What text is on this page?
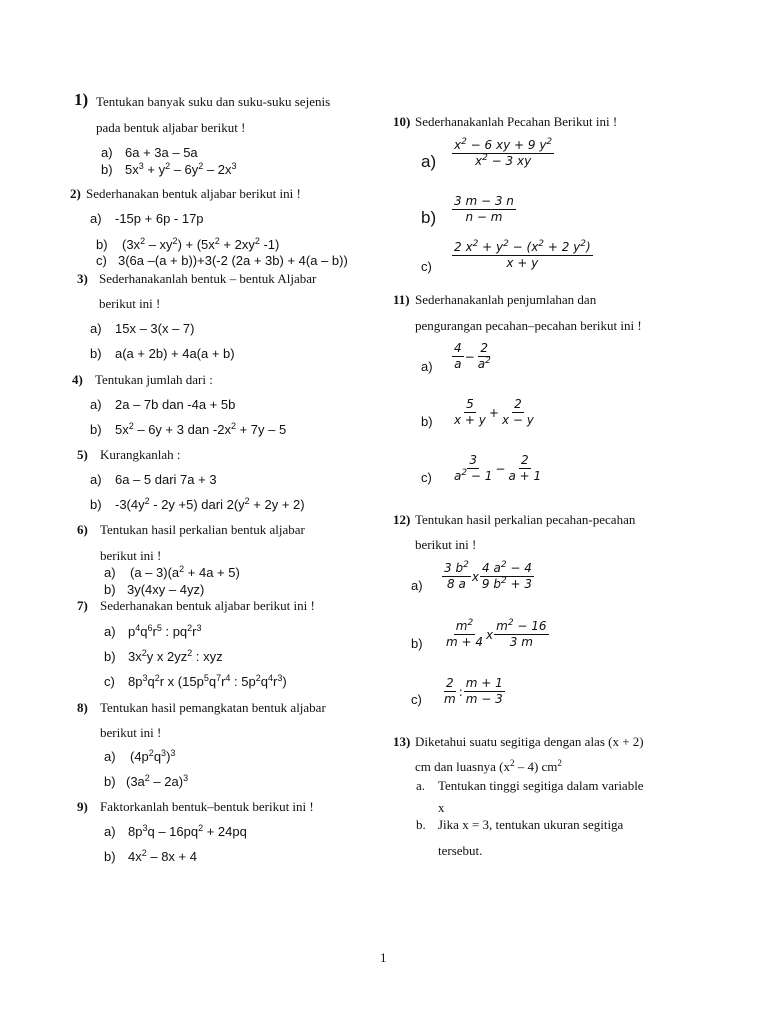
1) Tentukan banyak suku dan suku-suku sejenis
pada bentuk aljabar berikut !
a) 6a + 3a – 5a
b) $5x^3 + y^2 - 6y^2 - 2x^3$
2) Sederhanakan bentuk aljabar berikut ini !
a) -15p + 6p - 17p
b) $(3x^2 - xy^2) + (5x^2 + 2xy^2$ -1)
c) 3(6a –(a + b))+3(-2 (2a + 3b) + 4(a – b))
3) Sederhanakanlah bentuk – bentuk Aljabar
berikut ini !
a) 15x – 3(x – 7)
b) a(a + 2b) + 4a(a + b)
4) Tentukan jumlah dari :
a) 2a – 7b dan -4a + 5b
b) $5x^2 - 6y + 3$ dan $-2x^2 + 7y - 5$
5) Kurangkanlah :
a) 6a – 5 dari 7a + 3
b) $-3(4y^2 - 2y +5)$ dari $2(y^2 + 2y + 2)$
6) Tentukan hasil perkalian bentuk aljabar
berikut ini !
a) $(a - 3)(a^2 + 4a + 5)$
b) 3y(4xy – 4yz)
7) Sederhanakan bentuk aljabar berikut ini !
a) $p^4q^6r^5$ : $pq^2r^3$
b) $3x^2y$ x $2yz^2$ : xyz
c) $8p^3q^2r$ x ($15p^5q^7r^4$ : $5p^2q^4r^3$)
8) Tentukan hasil pemangkatan bentuk aljabar
berikut ini !
a) $(4p^2q^3)^3$
b) $(3a^2 - 2a)^3$
9) Faktorkanlah bentuk–bentuk berikut ini !
a) $8p^3q - 16pq^2 + 24pq$
b) $4x^2 - 8x + 4$
10) Sederhanakanlah Pecahan Berikut ini !
$a) \frac{x^2 - 6 xy + 9 y^2}{x^2 - 3 xy}$
$b) \frac{3 m - 3 n}{n - m}$
$c) \frac{2 x^2 + y^2 - (x^2 + 2 y^2)}{x + y}$
11) Sederhanakanlah penjumlahan dan
pengurangan pecahan–pecahan berikut ini !
$a) \frac{4}{a} - \frac{2}{a^2}$
$b) \frac{5}{x + y} + \frac{2}{x - y}$
$c) \frac{3}{a^2 - 1} - \frac{2}{a + 1}$
12) Tentukan hasil perkalian pecahan-pecahan
berikut ini !
$a) \frac{3 b^2}{8 a}$ x $\frac{4 a^2 - 4}{9 b^2 + 3}$
$b) \frac{m^2}{m + 4}$ x $\frac{m^2 - 16}{3 m}$
$c) \frac{2}{m}$ : $\frac{m + 1}{m - 3}$
13) Diketahui suatu segitiga dengan alas (x + 2)
cm dan luasnya $(x^2 - 4)$ $cm^2$
a. Tentukan tinggi segitiga dalam variable
x
b. Jika x = 3, tentukan ukuran segitiga
tersebut.
1
